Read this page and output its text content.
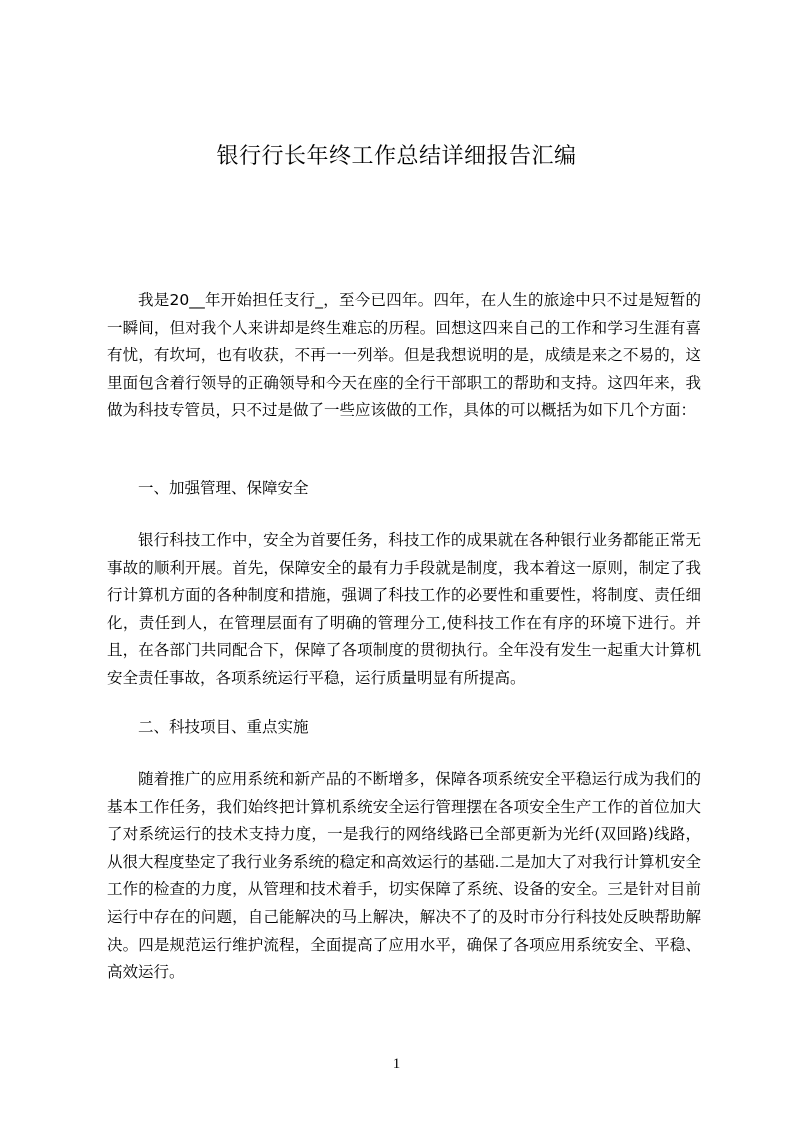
银行行长年终工作总结详细报告汇编

我是20__年开始担任支行_，至今已四年。四年，在人生的旅途中只不过是短暂的一瞬间，但对我个人来讲却是终生难忘的历程。回想这四来自己的工作和学习生涯有喜有忧，有坎坷，也有收获，不再一一列举。但是我想说明的是，成绩是来之不易的，这里面包含着行领导的正确领导和今天在座的全行干部职工的帮助和支持。这四年来，我做为科技专管员，只不过是做了一些应该做的工作，具体的可以概括为如下几个方面：

一、加强管理、保障安全

银行科技工作中，安全为首要任务，科技工作的成果就在各种银行业务都能正常无事故的顺利开展。首先，保障安全的最有力手段就是制度，我本着这一原则，制定了我行计算机方面的各种制度和措施，强调了科技工作的必要性和重要性，将制度、责任细化，责任到人，在管理层面有了明确的管理分工,使科技工作在有序的环境下进行。并且，在各部门共同配合下，保障了各项制度的贯彻执行。全年没有发生一起重大计算机安全责任事故，各项系统运行平稳，运行质量明显有所提高。

二、科技项目、重点实施

随着推广的应用系统和新产品的不断增多，保障各项系统安全平稳运行成为我们的基本工作任务，我们始终把计算机系统安全运行管理摆在各项安全生产工作的首位加大了对系统运行的技术支持力度，一是我行的网络线路已全部更新为光纤(双回路)线路，从很大程度垫定了我行业务系统的稳定和高效运行的基础.二是加大了对我行计算机安全工作的检查的力度，从管理和技术着手，切实保障了系统、设备的安全。三是针对目前运行中存在的问题，自己能解决的马上解决，解决不了的及时市分行科技处反映帮助解决。四是规范运行维护流程，全面提高了应用水平，确保了各项应用系统安全、平稳、高效运行。

1
